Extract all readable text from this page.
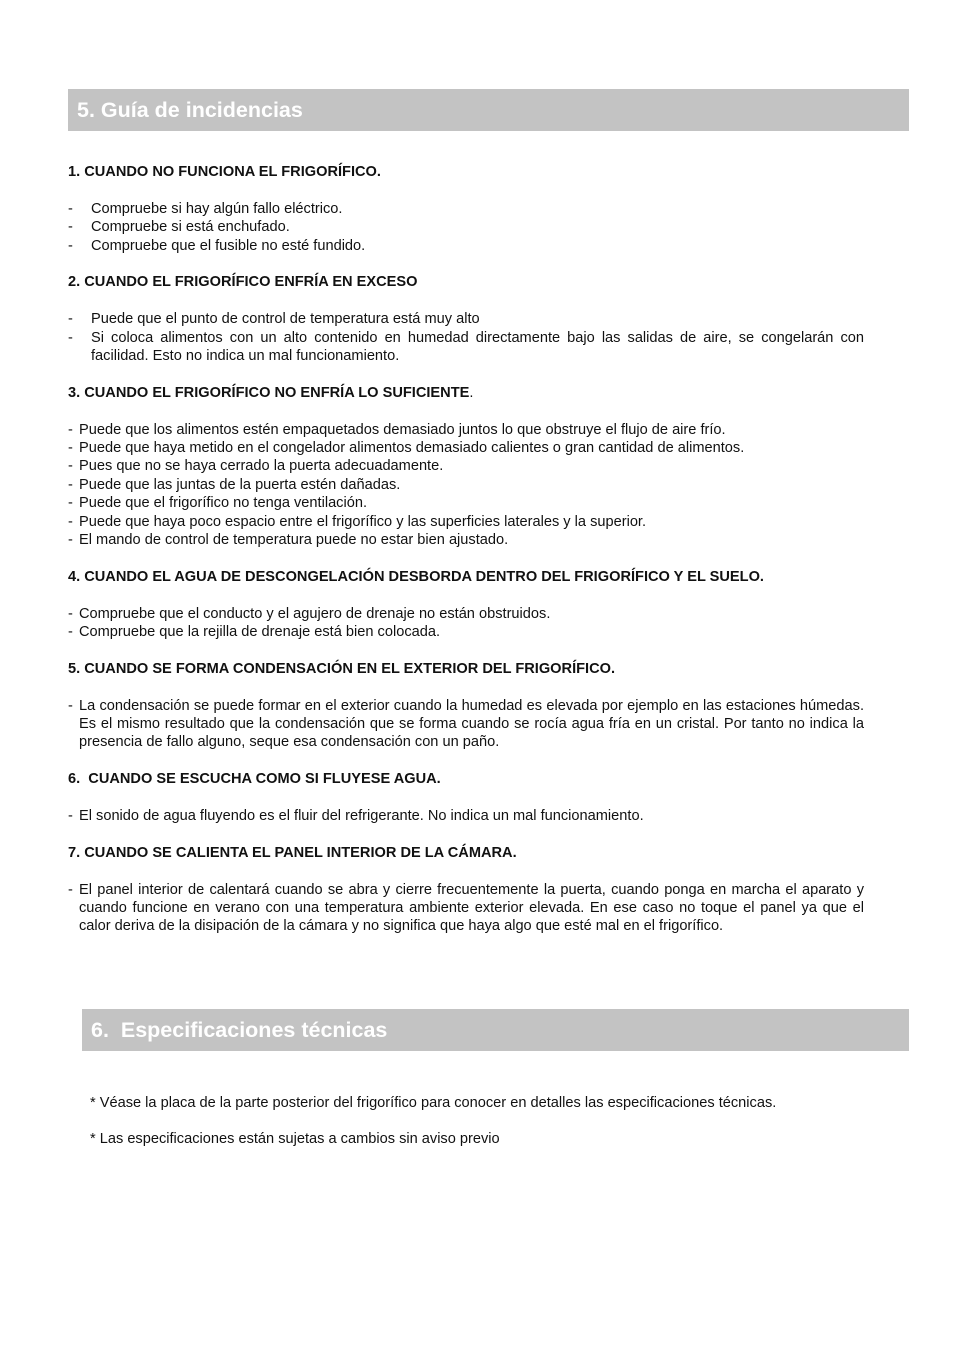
5. Guía de incidencias
1. CUANDO NO FUNCIONA EL FRIGORÍFICO.
- Compruebe si hay algún fallo eléctrico.
- Compruebe si está enchufado.
- Compruebe que el fusible no esté fundido.
2. CUANDO EL FRIGORÍFICO ENFRÍA EN EXCESO
- Puede que el punto de control de temperatura está muy alto
- Si coloca alimentos con un alto contenido en humedad directamente bajo las salidas de aire, se congelarán con facilidad. Esto no indica un mal funcionamiento.
3. CUANDO EL FRIGORÍFICO NO ENFRÍA LO SUFICIENTE.
- Puede que los alimentos estén empaquetados demasiado juntos lo que obstruye el flujo de aire frío.
- Puede que haya metido en el congelador alimentos demasiado calientes o gran cantidad de alimentos.
- Pues que no se haya cerrado la puerta adecuadamente.
- Puede que las juntas de la puerta estén dañadas.
- Puede que el frigorífico no tenga ventilación.
- Puede que haya poco espacio entre el frigorífico y las superficies laterales y la superior.
- El mando de control de temperatura puede no estar bien ajustado.
4. CUANDO EL AGUA DE DESCONGELACIÓN DESBORDA DENTRO DEL FRIGORÍFICO Y EL SUELO.
- Compruebe que el conducto y el agujero de drenaje no están obstruidos.
- Compruebe que la rejilla de drenaje está bien colocada.
5. CUANDO SE FORMA CONDENSACIÓN EN EL EXTERIOR DEL FRIGORÍFICO.
- La condensación se puede formar en el exterior cuando la humedad es elevada por ejemplo en las estaciones húmedas. Es el mismo resultado que la condensación que se forma cuando se rocía agua fría en un cristal. Por tanto no indica la presencia de fallo alguno, seque esa condensación con un paño.
6.  CUANDO SE ESCUCHA COMO SI FLUYESE AGUA.
- El sonido de agua fluyendo es el fluir del refrigerante. No indica un mal funcionamiento.
7. CUANDO SE CALIENTA EL PANEL INTERIOR DE LA CÁMARA.
- El panel interior de calentará cuando se abra y cierre frecuentemente la puerta, cuando ponga en marcha el aparato y cuando funcione en verano con una temperatura ambiente exterior elevada. En ese caso no toque el panel ya que el calor deriva de la disipación de la cámara y no significa que haya algo que esté mal en el frigorífico.
6.  Especificaciones técnicas
* Véase la placa de la parte posterior del frigorífico para conocer en detalles las especificaciones técnicas.
* Las especificaciones están sujetas a cambios sin aviso previo
